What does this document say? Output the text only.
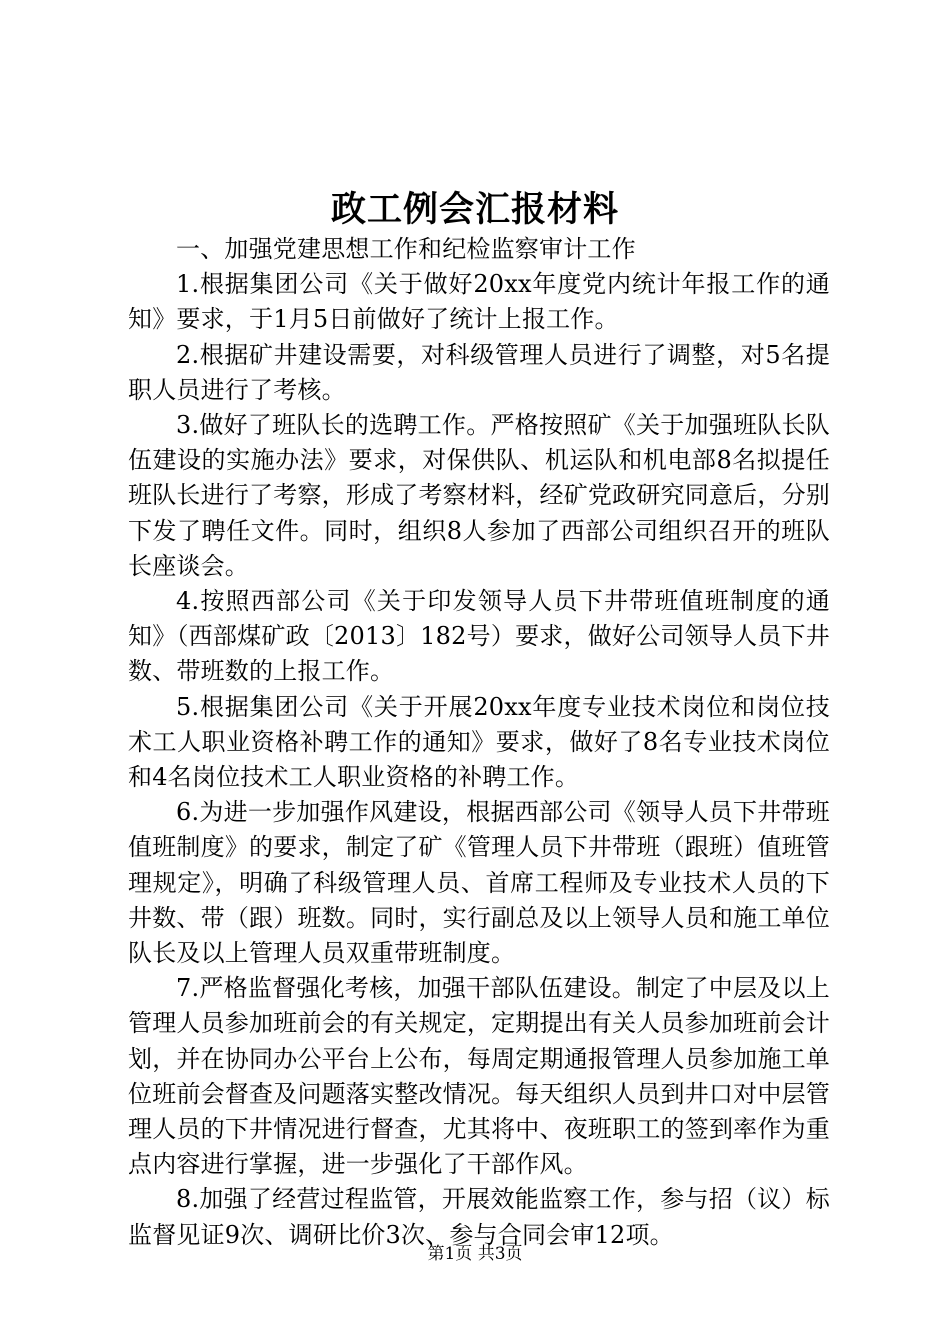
政工例会汇报材料

一、加强党建思想工作和纪检监察审计工作

1.根据集团公司《关于做好20xx年度党内统计年报工作的通知》要求，于1月5日前做好了统计上报工作。

2.根据矿井建设需要，对科级管理人员进行了调整，对5名提职人员进行了考核。

3.做好了班队长的选聘工作。严格按照矿《关于加强班队长队伍建设的实施办法》要求，对保供队、机运队和机电部8名拟提任班队长进行了考察，形成了考察材料，经矿党政研究同意后，分别下发了聘任文件。同时，组织8人参加了西部公司组织召开的班队长座谈会。

4.按照西部公司《关于印发领导人员下井带班值班制度的通知》（西部煤矿政〔2013〕182号）要求，做好公司领导人员下井数、带班数的上报工作。

5.根据集团公司《关于开展20xx年度专业技术岗位和岗位技术工人职业资格补聘工作的通知》要求，做好了8名专业技术岗位和4名岗位技术工人职业资格的补聘工作。

6.为进一步加强作风建设，根据西部公司《领导人员下井带班值班制度》的要求，制定了矿《管理人员下井带班（跟班）值班管理规定》，明确了科级管理人员、首席工程师及专业技术人员的下井数、带（跟）班数。同时，实行副总及以上领导人员和施工单位队长及以上管理人员双重带班制度。

7.严格监督强化考核，加强干部队伍建设。制定了中层及以上管理人员参加班前会的有关规定，定期提出有关人员参加班前会计划，并在协同办公平台上公布，每周定期通报管理人员参加施工单位班前会督查及问题落实整改情况。每天组织人员到井口对中层管理人员的下井情况进行督查，尤其将中、夜班职工的签到率作为重点内容进行掌握，进一步强化了干部作风。

8.加强了经营过程监管，开展效能监察工作，参与招（议）标监督见证9次、调研比价3次、参与合同会审12项。

第1页 共3页
